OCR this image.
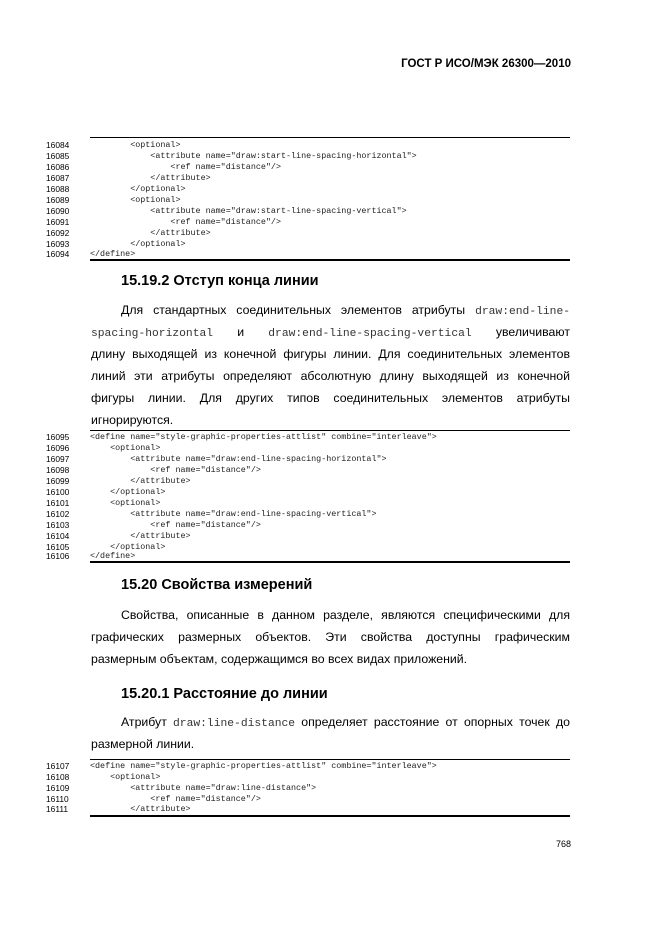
ГОСТ Р ИСО/МЭК 26300—2010
16084	<optional>
16085	<attribute name="draw:start-line-spacing-horizontal">
16086	<ref name="distance"/>
16087	</attribute>
16088	</optional>
16089	<optional>
16090	<attribute name="draw:start-line-spacing-vertical">
16091	<ref name="distance"/>
16092	</attribute>
16093	</optional>
16094	</define>
15.19.2 Отступ конца линии
Для стандартных соединительных элементов атрибуты draw:end-line-
spacing-horizontal и draw:end-line-spacing-vertical увеличивают
длину выходящей из конечной фигуры линии. Для соединительных элементов
линий эти атрибуты определяют абсолютную длину выходящей из конечной
фигуры линии. Для других типов соединительных элементов атрибуты
игнорируются.
16095	<define name="style-graphic-properties-attlist" combine="interleave">
16096	<optional>
16097	<attribute name="draw:end-line-spacing-horizontal">
16098	<ref name="distance"/>
16099	</attribute>
16100	</optional>
16101	<optional>
16102	<attribute name="draw:end-line-spacing-vertical">
16103	<ref name="distance"/>
16104	</attribute>
16105	</optional>
16106	</define>
15.20 Свойства измерений
Свойства, описанные в данном разделе, являются специфическими для
графических размерных объектов. Эти свойства доступны графическим
размерным объектам, содержащимся во всех видах приложений.
15.20.1 Расстояние до линии
Атрибут draw:line-distance определяет расстояние от опорных точек до
размерной линии.
16107	<define name="style-graphic-properties-attlist" combine="interleave">
16108	<optional>
16109	<attribute name="draw:line-distance">
16110	<ref name="distance"/>
16111	</attribute>
768
